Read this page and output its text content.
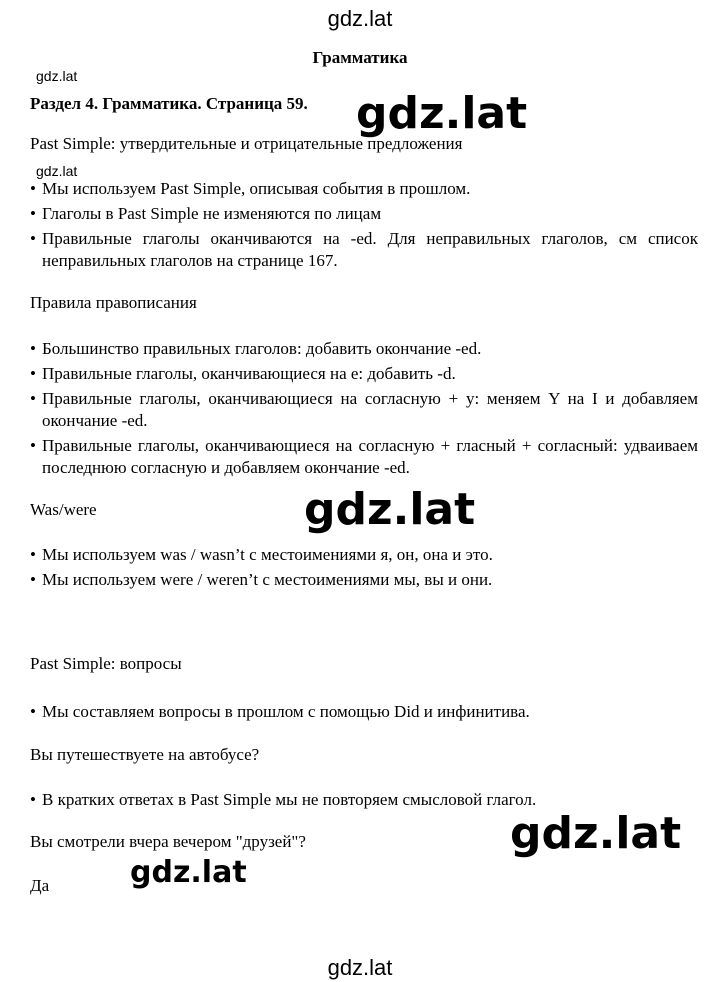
gdz.lat
gdz.lat
gdz.lat
Грамматика
Раздел 4. Грамматика. Страница 59.
Past Simple: утвердительные и отрицательные предложения
• Мы используем Past Simple, описывая события в прошлом.
• Глаголы в Past Simple не изменяются по лицам
• Правильные глаголы оканчиваются на -ed. Для неправильных глаголов, см список неправильных глаголов на странице 167.
Правила правописания
• Большинство правильных глаголов: добавить окончание -ed.
• Правильные глаголы, оканчивающиеся на e: добавить -d.
• Правильные глаголы, оканчивающиеся на согласную + y: меняем Y на I и добавляем окончание -ed.
• Правильные глаголы, оканчивающиеся на согласную + гласный + согласный: удваиваем последнюю согласную и добавляем окончание -ed.
Was/were
• Мы используем was / wasn’t с местоимениями я, он, она и это.
• Мы используем were / weren’t с местоимениями мы, вы и они.
Past Simple: вопросы
• Мы составляем вопросы в прошлом с помощью Did и инфинитива.
Вы путешествуете на автобусе?
• В кратких ответах в Past Simple мы не повторяем смысловой глагол.
Вы смотрели вчера вечером "друзей"?
Да
gdz.lat
gdz.lat
gdz.lat
gdz.lat
gdz.lat
